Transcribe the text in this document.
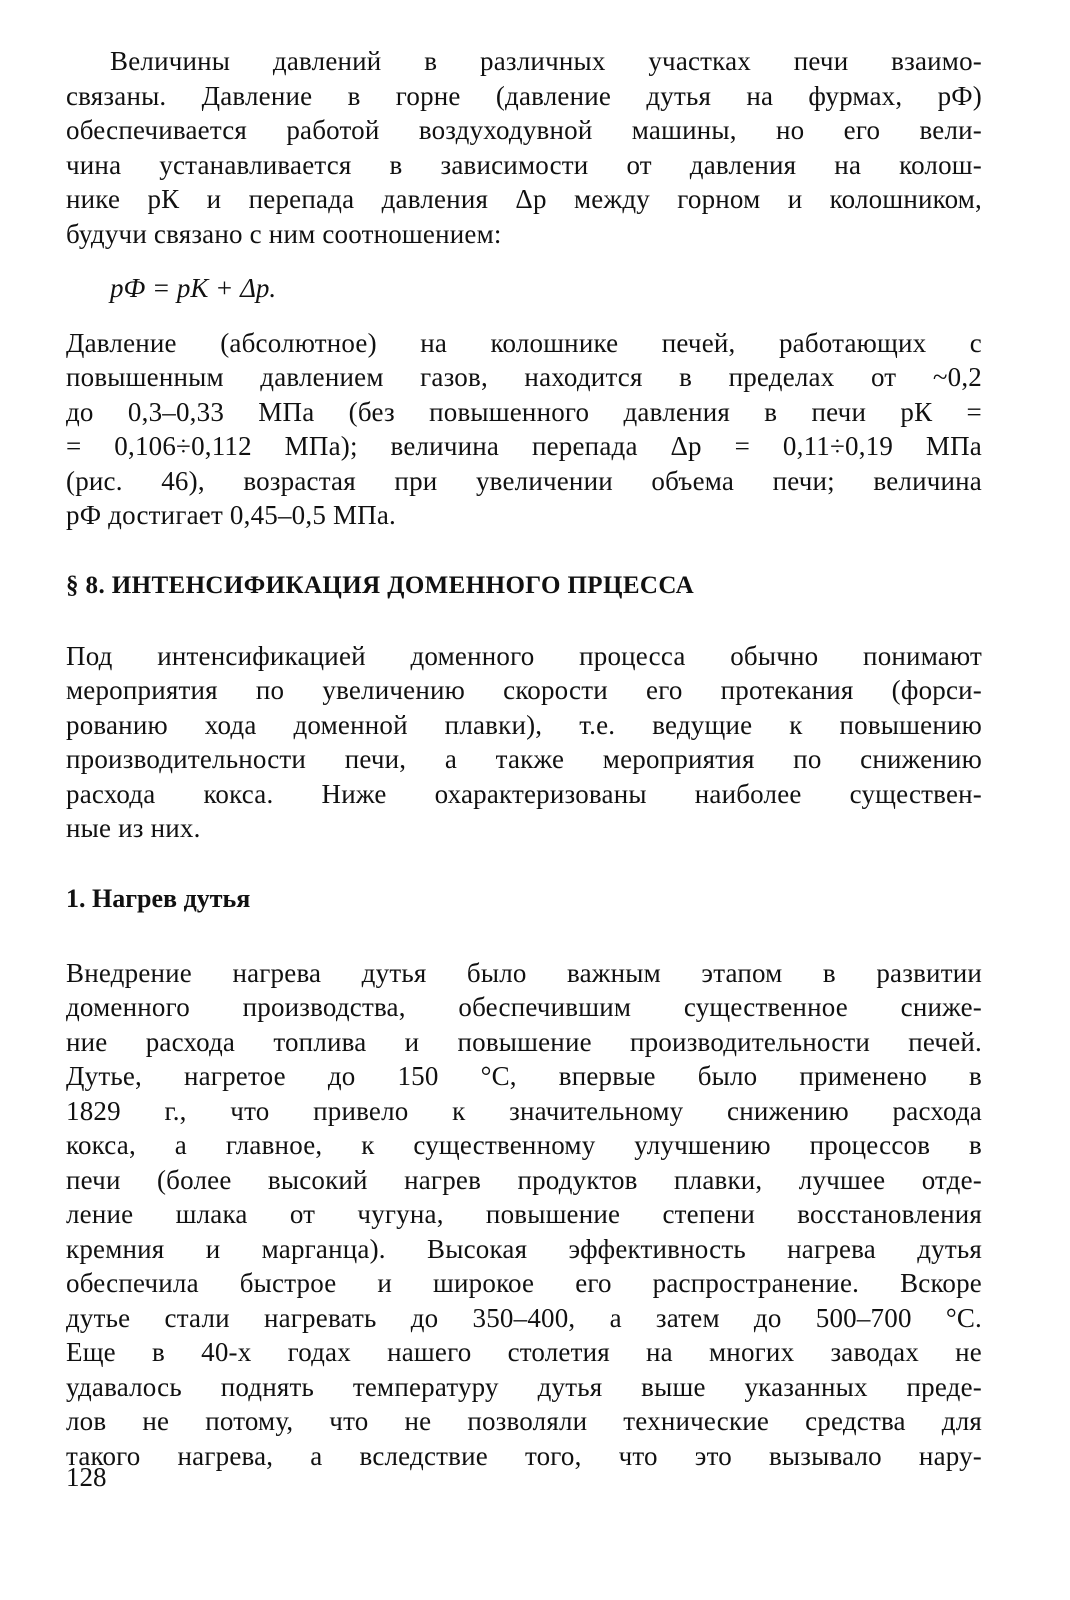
Величины давлений в различных участках печи взаимо-
связаны. Давление в горне (давление дутья на фурмах, pФ)
обеспечивается работой воздуходувной машины, но его вели-
чина устанавливается в зависимости от давления на колош-
нике pК и перепада давления Δp между горном и колошником,
будучи связано с ним соотношением:
pФ = pК + Δp.
Давление (абсолютное) на колошнике печей, работающих с
повышенным давлением газов, находится в пределах от ~0,2
до 0,3–0,33 МПа (без повышенного давления в печи pК =
= 0,106÷0,112 МПа); величина перепада Δp = 0,11÷0,19 МПа
(рис. 46), возрастая при увеличении объема печи; величина
pФ достигает 0,45–0,5 МПа.
§ 8. ИНТЕНСИФИКАЦИЯ ДОМЕННОГО ПРЦЕССА
Под интенсификацией доменного процесса обычно понимают
мероприятия по увеличению скорости его протекания (форси-
рованию хода доменной плавки), т.е. ведущие к повышению
производительности печи, а также мероприятия по снижению
расхода кокса. Ниже охарактеризованы наиболее существен-
ные из них.
1. Нагрев дутья
Внедрение нагрева дутья было важным этапом в развитии
доменного производства, обеспечившим существенное сниже-
ние расхода топлива и повышение производительности печей.
Дутье, нагретое до 150 °С, впервые было применено в
1829 г., что привело к значительному снижению расхода
кокса, а главное, к существенному улучшению процессов в
печи (более высокий нагрев продуктов плавки, лучшее отде-
ление шлака от чугуна, повышение степени восстановления
кремния и марганца). Высокая эффективность нагрева дутья
обеспечила быстрое и широкое его распространение. Вскоре
дутье стали нагревать до 350–400, а затем до 500–700 °С.
Еще в 40-х годах нашего столетия на многих заводах не
удавалось поднять температуру дутья выше указанных преде-
лов не потому, что не позволяли технические средства для
такого нагрева, а вследствие того, что это вызывало нару-
128
